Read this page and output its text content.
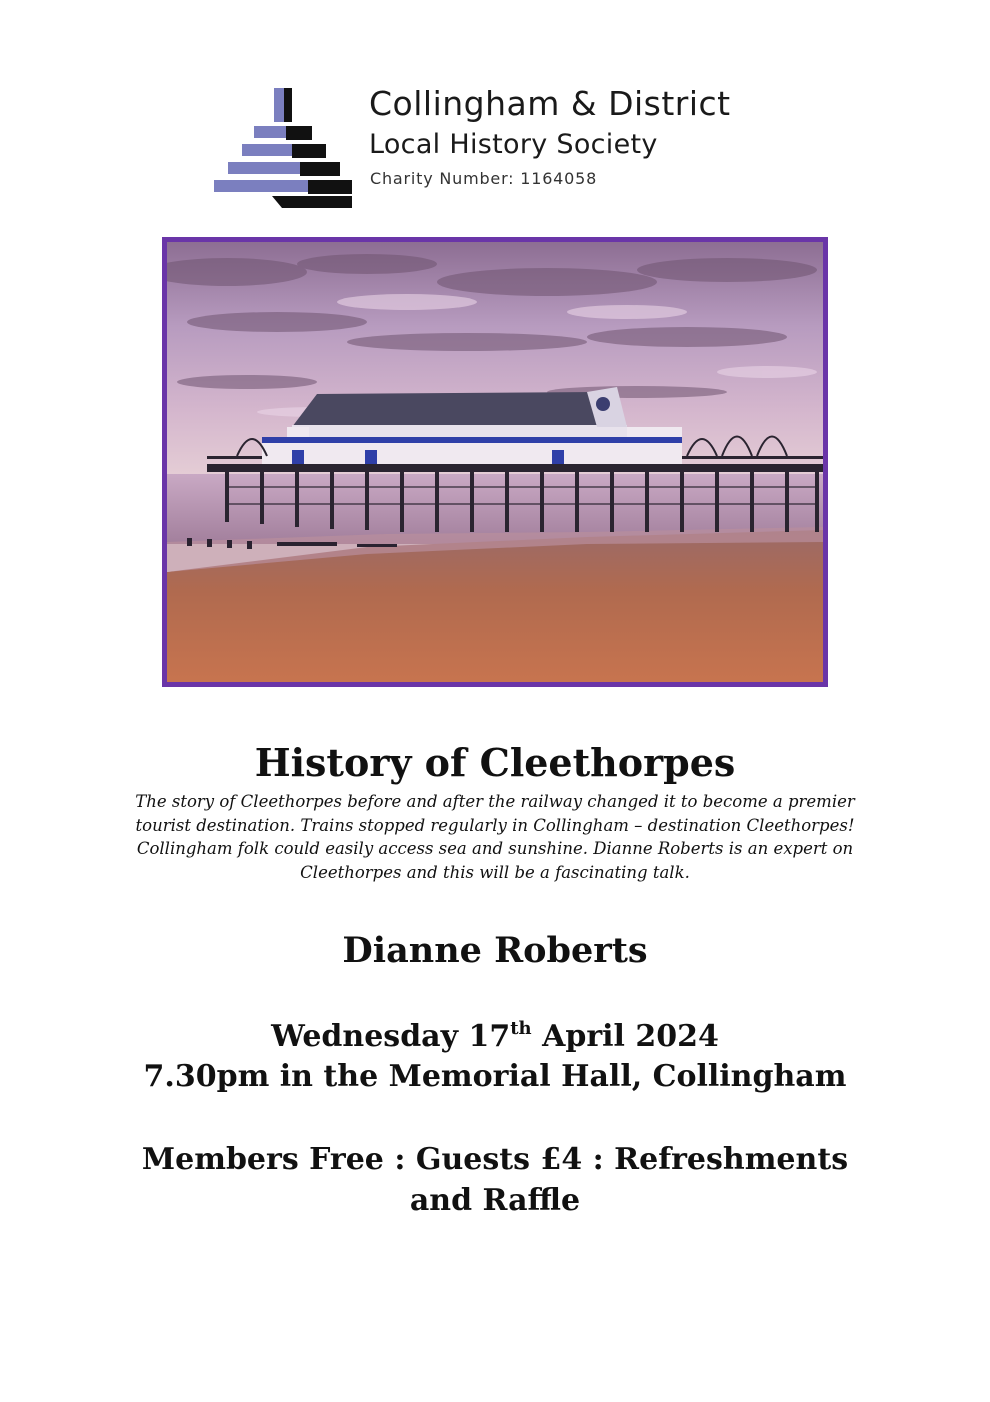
Collingham & District
Local History Society
Charity Number: 1164058
History of Cleethorpes

The story of Cleethorpes before and after the railway changed it to become a premier tourist destination. Trains stopped regularly in Collingham – destination Cleethorpes! Collingham folk could easily access sea and sunshine. Dianne Roberts is an expert on Cleethorpes and this will be a fascinating talk.

Dianne Roberts
Wednesday 17th April 2024
7.30pm in the Memorial Hall, Collingham
Members Free : Guests £4 : Refreshments and Raffle
